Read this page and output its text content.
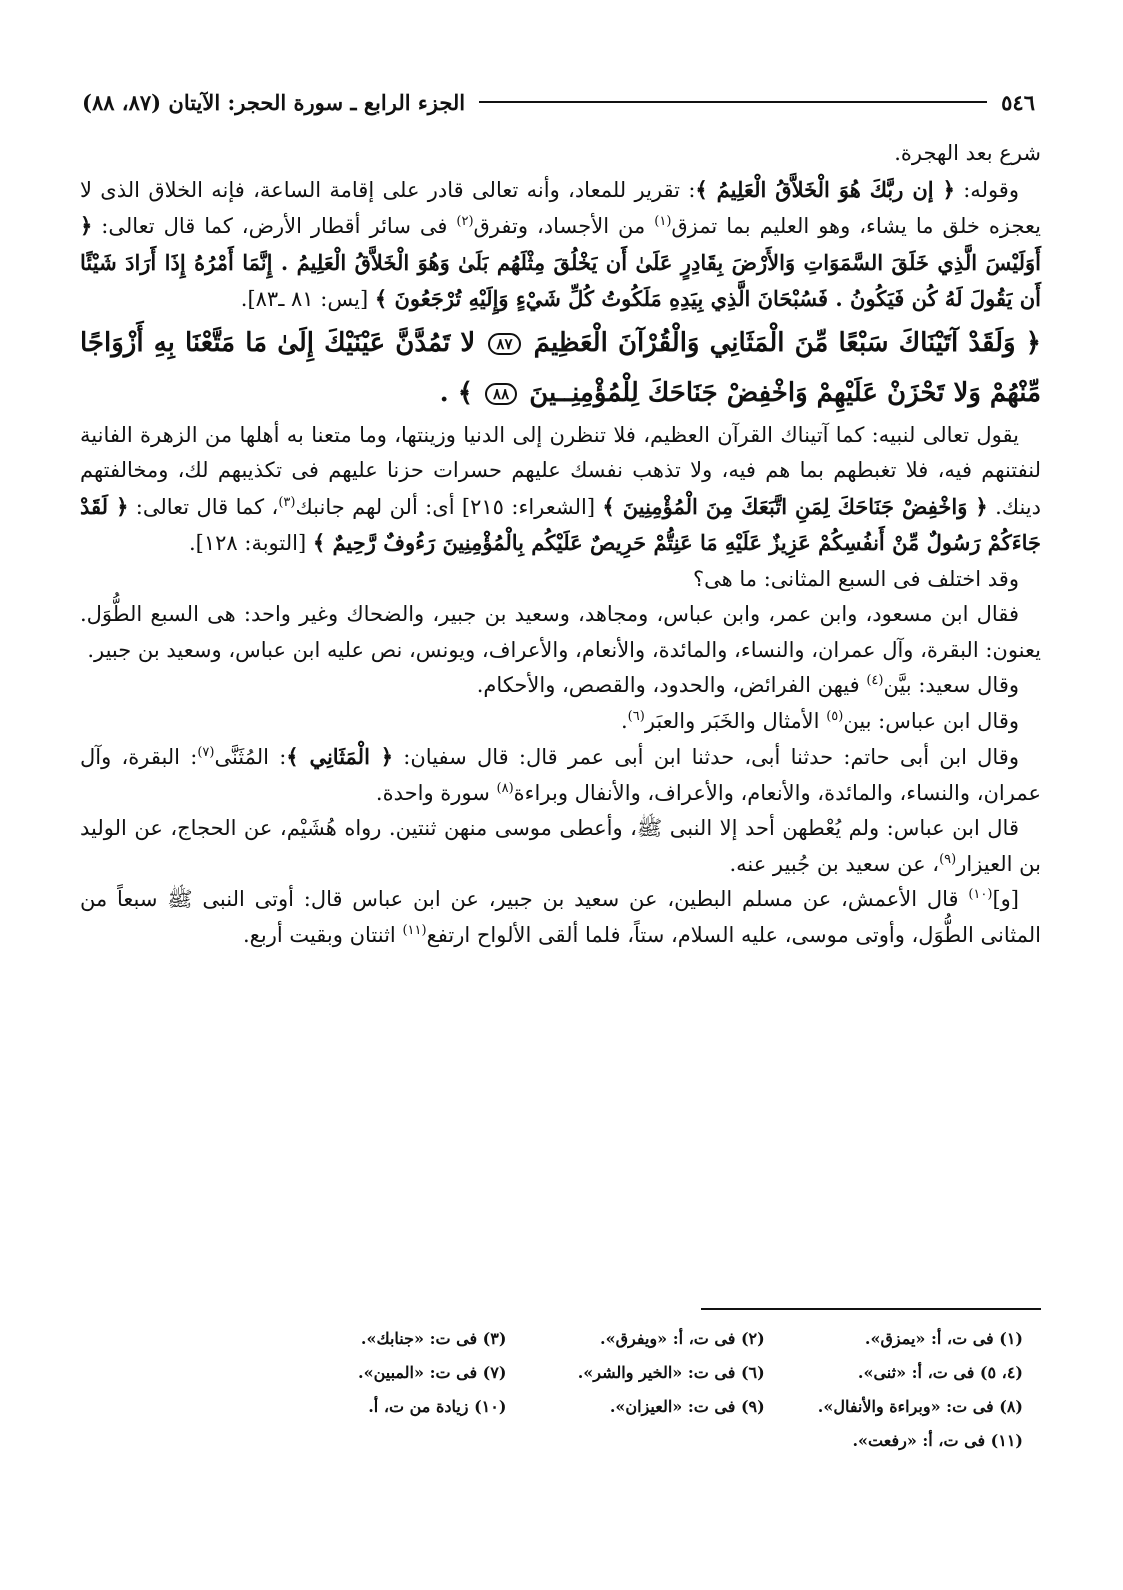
٥٤٦
الجزء الرابع ـ سورة الحجر: الآيتان (٨٧، ٨٨)

شرع بعد الهجرة.

وقوله: ﴿ إن ربَّكَ هُوَ الْخَلاَّقُ الْعَلِيمُ ﴾: تقرير للمعاد، وأنه تعالى قادر على إقامة الساعة، فإنه الخلاق الذى لا يعجزه خلق ما يشاء، وهو العليم بما تمزق$^{(١)}$ من الأجساد، وتفرق$^{(٢)}$ فى سائر أقطار الأرض، كما قال تعالى: ﴿ أَوَلَيْسَ الَّذِي خَلَقَ السَّمَوَاتِ وَالأَرْضَ بِقَادِرٍ عَلَىٰ أَن يَخْلُقَ مِثْلَهُم بَلَىٰ وَهُوَ الْخَلاَّقُ الْعَلِيمُ . إِنَّمَا أَمْرُهُ إِذَا أَرَادَ شَيْئًا أَن يَقُولَ لَهُ كُن فَيَكُونُ . فَسُبْحَانَ الَّذِي بِيَدِهِ مَلَكُوتُ كُلِّ شَيْءٍ وَإِلَيْهِ تُرْجَعُونَ ﴾ [يس: ٨١ ـ٨٣].

﴿ وَلَقَدْ آتَيْنَاكَ سَبْعًا مِّنَ الْمَثَانِي وَالْقُرْآنَ الْعَظِيمَ ٨٧ لا تَمُدَّنَّ عَيْنَيْكَ إِلَىٰ مَا مَتَّعْنَا بِهِ أَزْوَاجًا مِّنْهُمْ وَلا تَحْزَنْ عَلَيْهِمْ وَاخْفِضْ جَنَاحَكَ لِلْمُؤْمِنِــينَ ٨٨ ﴾ .

يقول تعالى لنبيه: كما آتيناك القرآن العظيم، فلا تنظرن إلى الدنيا وزينتها، وما متعنا به أهلها من الزهرة الفانية لنفتنهم فيه، فلا تغبطهم بما هم فيه، ولا تذهب نفسك عليهم حسرات حزنا عليهم فى تكذيبهم لك، ومخالفتهم دينك. ﴿ وَاخْفِضْ جَنَاحَكَ لِمَنِ اتَّبَعَكَ مِنَ الْمُؤْمِنِينَ ﴾ [الشعراء: ٢١٥] أى: ألن لهم جانبك$^{(٣)}$، كما قال تعالى: ﴿ لَقَدْ جَاءَكُمْ رَسُولٌ مِّنْ أَنفُسِكُمْ عَزِيزٌ عَلَيْهِ مَا عَنِتُّمْ حَرِيصٌ عَلَيْكُم بِالْمُؤْمِنِينَ رَءُوفٌ رَّحِيمٌ ﴾ [التوبة: ١٢٨].

وقد اختلف فى السبع المثانى: ما هى؟

فقال ابن مسعود، وابن عمر، وابن عباس، ومجاهد، وسعيد بن جبير، والضحاك وغير واحد: هى السبع الطُّوَل. يعنون: البقرة، وآل عمران، والنساء، والمائدة، والأنعام، والأعراف، ويونس، نص عليه ابن عباس، وسعيد بن جبير.

وقال سعيد: بيَّن$^{(٤)}$ فيهن الفرائض، والحدود، والقصص، والأحكام.

وقال ابن عباس: بين$^{(٥)}$ الأمثال والخَبَر والعبَر$^{(٦)}$.

وقال ابن أبى حاتم: حدثنا أبى، حدثنا ابن أبى عمر قال: قال سفيان: ﴿ الْمَثَانِي ﴾: المُثَنَّى$^{(٧)}$: البقرة، وآل عمران، والنساء، والمائدة، والأنعام، والأعراف، والأنفال وبراءة$^{(٨)}$ سورة واحدة.

قال ابن عباس: ولم يُعْطهن أحد إلا النبى ﷺ، وأعطى موسى منهن ثنتين. رواه هُشَيْم، عن الحجاج، عن الوليد بن العيزار$^{(٩)}$، عن سعيد بن جُبير عنه.

[و]$^{(١٠)}$ قال الأعمش، عن مسلم البطين، عن سعيد بن جبير، عن ابن عباس قال: أوتى النبى ﷺ سبعاً من المثانى الطُّوَل، وأوتى موسى، عليه السلام، ستاً، فلما ألقى الألواح ارتفع$^{(١١)}$ اثنتان وبقيت أربع.

(١) فى ت، أ: «يمزق».
(٢) فى ت، أ: «ويفرق».
(٣) فى ت: «جنابك».
(٤، ٥) فى ت، أ: «ثنى».
(٦) فى ت: «الخير والشر».
(٧) فى ت: «المبين».
(٨) فى ت: «وبراءة والأنفال».
(٩) فى ت: «العيزان».
(١٠) زيادة من ت، أ.
(١١) فى ت، أ: «رفعت».
